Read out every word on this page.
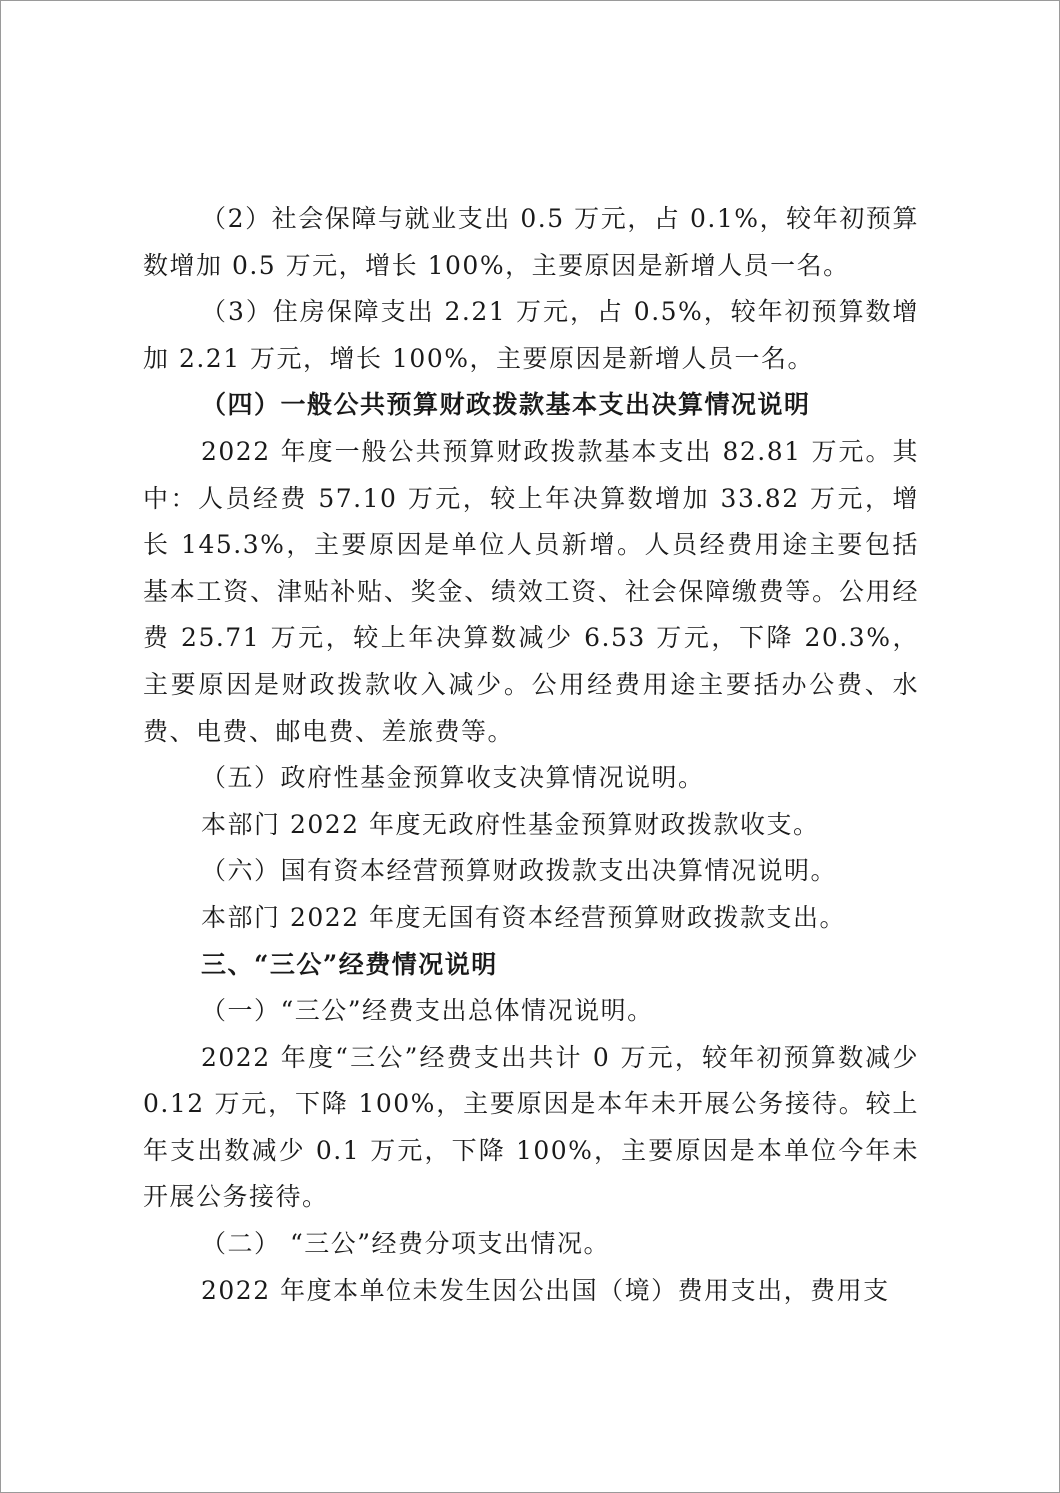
（2）社会保障与就业支出 0.5 万元，占 0.1%，较年初预算数增加 0.5 万元，增长 100%，主要原因是新增人员一名。

（3）住房保障支出 2.21 万元，占 0.5%，较年初预算数增加 2.21 万元，增长 100%，主要原因是新增人员一名。

（四）一般公共预算财政拨款基本支出决算情况说明

2022 年度一般公共预算财政拨款基本支出 82.81 万元。其中：人员经费 57.10 万元，较上年决算数增加 33.82 万元，增长 145.3%，主要原因是单位人员新增。人员经费用途主要包括基本工资、津贴补贴、奖金、绩效工资、社会保障缴费等。公用经费 25.71 万元，较上年决算数减少 6.53 万元，下降 20.3%，主要原因是财政拨款收入减少。公用经费用途主要括办公费、水费、电费、邮电费、差旅费等。

（五）政府性基金预算收支决算情况说明。

本部门 2022 年度无政府性基金预算财政拨款收支。

（六）国有资本经营预算财政拨款支出决算情况说明。

本部门 2022 年度无国有资本经营预算财政拨款支出。

三、“三公”经费情况说明

（一）“三公”经费支出总体情况说明。

2022 年度“三公”经费支出共计 0 万元，较年初预算数减少 0.12 万元，下降 100%，主要原因是本年未开展公务接待。较上年支出数减少 0.1 万元，下降 100%，主要原因是本单位今年未开展公务接待。

（二） “三公”经费分项支出情况。

2022 年度本单位未发生因公出国（境）费用支出，费用支
